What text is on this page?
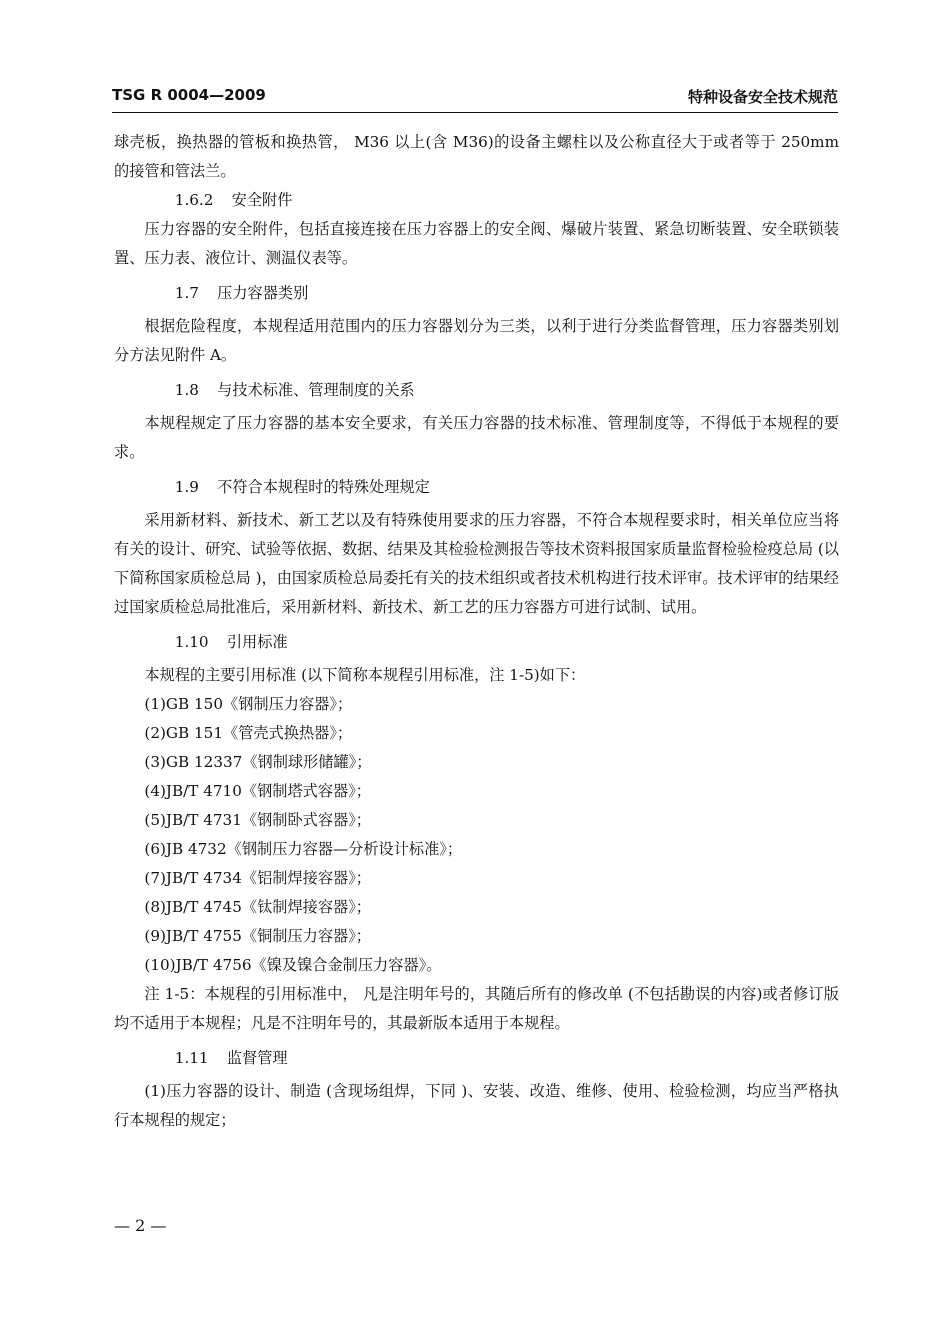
TSG R 0004—2009	特种设备安全技术规范

球壳板，换热器的管板和换热管， M36 以上(含 M36)的设备主螺柱以及公称直径大于或者等于 250mm 的接管和管法兰。

1.6.2 安全附件

压力容器的安全附件，包括直接连接在压力容器上的安全阀、爆破片装置、紧急切断装置、安全联锁装置、压力表、液位计、测温仪表等。

1.7 压力容器类别

根据危险程度，本规程适用范围内的压力容器划分为三类，以利于进行分类监督管理，压力容器类别划分方法见附件 A。

1.8 与技术标准、管理制度的关系

本规程规定了压力容器的基本安全要求，有关压力容器的技术标准、管理制度等，不得低于本规程的要求。

1.9 不符合本规程时的特殊处理规定

采用新材料、新技术、新工艺以及有特殊使用要求的压力容器，不符合本规程要求时，相关单位应当将有关的设计、研究、试验等依据、数据、结果及其检验检测报告等技术资料报国家质量监督检验检疫总局 (以下简称国家质检总局 )，由国家质检总局委托有关的技术组织或者技术机构进行技术评审。技术评审的结果经过国家质检总局批准后，采用新材料、新技术、新工艺的压力容器方可进行试制、试用。

1.10 引用标准

本规程的主要引用标准 (以下简称本规程引用标准，注 1-5)如下：

(1)GB 150《钢制压力容器》；

(2)GB 151《管壳式换热器》；

(3)GB 12337《钢制球形储罐》；

(4)JB/T 4710《钢制塔式容器》；

(5)JB/T 4731《钢制卧式容器》；

(6)JB 4732《钢制压力容器—分析设计标准》；

(7)JB/T 4734《铝制焊接容器》；

(8)JB/T 4745《钛制焊接容器》；

(9)JB/T 4755《铜制压力容器》；

(10)JB/T 4756《镍及镍合金制压力容器》。

注 1-5：本规程的引用标准中， 凡是注明年号的，其随后所有的修改单 (不包括勘误的内容)或者修订版均不适用于本规程；凡是不注明年号的，其最新版本适用于本规程。

1.11 监督管理

(1)压力容器的设计、制造 (含现场组焊，下同 )、安装、改造、维修、使用、检验检测，均应当严格执行本规程的规定；

— 2 —
